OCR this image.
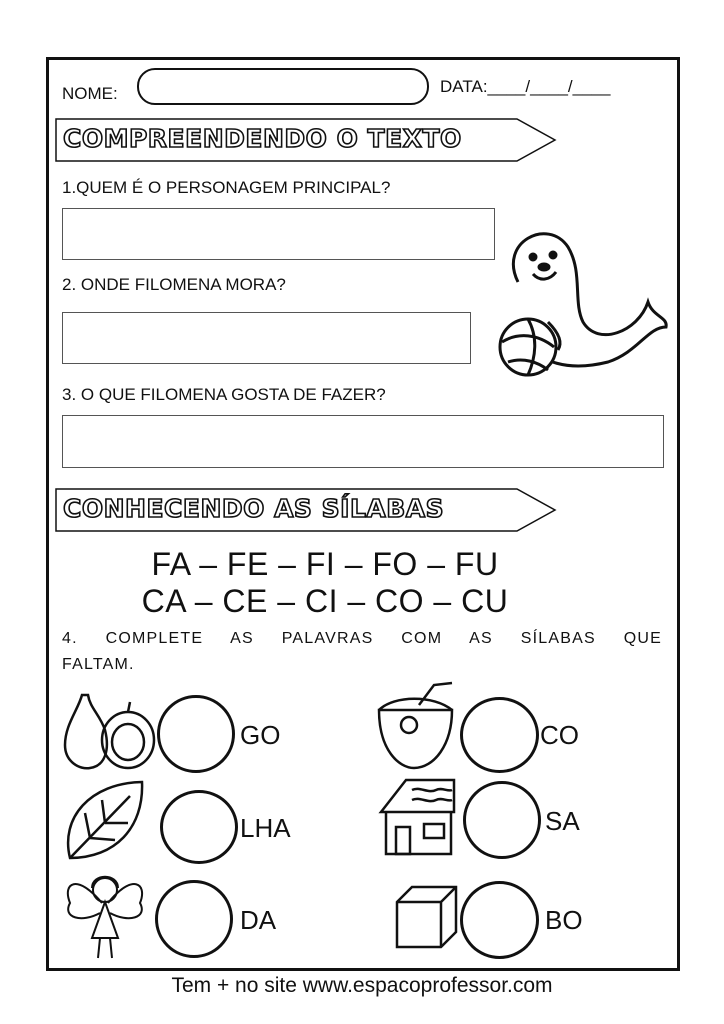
NOME:	DATA:____/____/____
COMPREENDENDO O TEXTO
1.QUEM É O PERSONAGEM PRINCIPAL?
2. ONDE FILOMENA MORA?
3. O QUE FILOMENA GOSTA DE FAZER?
CONHECENDO AS SÍLABAS
FA – FE – FI – FO – FU
CA – CE – CI – CO – CU
4. COMPLETE AS PALAVRAS COM AS SÍLABAS QUE
FALTAM.
GO	CO
LHA	SA
DA	BO
Tem + no site www.espacoprofessor.com
